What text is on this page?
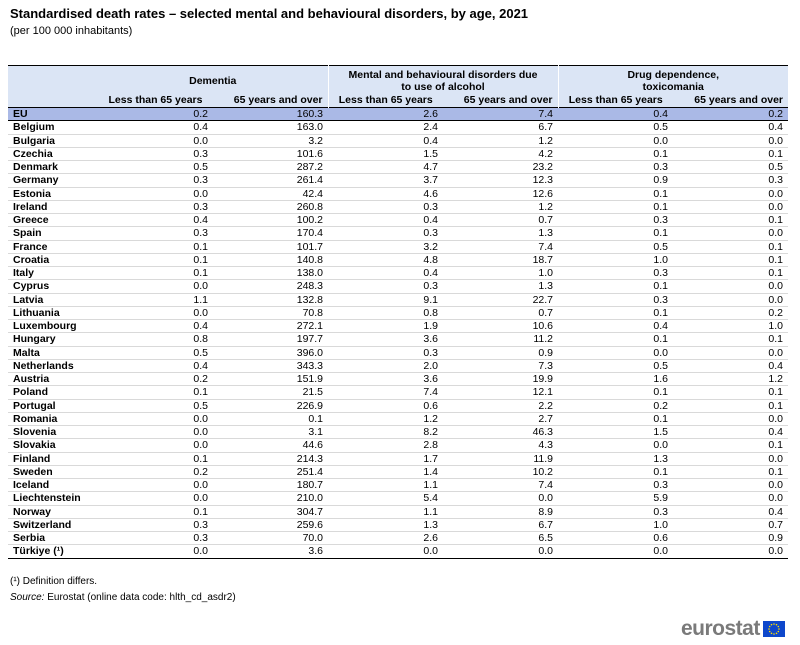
Standardised death rates – selected mental and behavioural disorders, by age, 2021
(per 100 000 inhabitants)
	Dementia		Mental and behavioural disorders due to use of alcohol		Drug dependence, toxicomania	
	Less than 65 years	65 years and over	Less than 65 years	65 years and over	Less than 65 years	65 years and over
EU	0.2	160.3	2.6	7.4	0.4	0.2
Belgium	0.4	163.0	2.4	6.7	0.5	0.4
Bulgaria	0.0	3.2	0.4	1.2	0.0	0.0
Czechia	0.3	101.6	1.5	4.2	0.1	0.1
Denmark	0.5	287.2	4.7	23.2	0.3	0.5
Germany	0.3	261.4	3.7	12.3	0.9	0.3
Estonia	0.0	42.4	4.6	12.6	0.1	0.0
Ireland	0.3	260.8	0.3	1.2	0.1	0.0
Greece	0.4	100.2	0.4	0.7	0.3	0.1
Spain	0.3	170.4	0.3	1.3	0.1	0.0
France	0.1	101.7	3.2	7.4	0.5	0.1
Croatia	0.1	140.8	4.8	18.7	1.0	0.1
Italy	0.1	138.0	0.4	1.0	0.3	0.1
Cyprus	0.0	248.3	0.3	1.3	0.1	0.0
Latvia	1.1	132.8	9.1	22.7	0.3	0.0
Lithuania	0.0	70.8	0.8	0.7	0.1	0.2
Luxembourg	0.4	272.1	1.9	10.6	0.4	1.0
Hungary	0.8	197.7	3.6	11.2	0.1	0.1
Malta	0.5	396.0	0.3	0.9	0.0	0.0
Netherlands	0.4	343.3	2.0	7.3	0.5	0.4
Austria	0.2	151.9	3.6	19.9	1.6	1.2
Poland	0.1	21.5	7.4	12.1	0.1	0.1
Portugal	0.5	226.9	0.6	2.2	0.2	0.1
Romania	0.0	0.1	1.2	2.7	0.1	0.0
Slovenia	0.0	3.1	8.2	46.3	1.5	0.4
Slovakia	0.0	44.6	2.8	4.3	0.0	0.1
Finland	0.1	214.3	1.7	11.9	1.3	0.0
Sweden	0.2	251.4	1.4	10.2	0.1	0.1
Iceland	0.0	180.7	1.1	7.4	0.3	0.0
Liechtenstein	0.0	210.0	5.4	0.0	5.9	0.0
Norway	0.1	304.7	1.1	8.9	0.3	0.4
Switzerland	0.3	259.6	1.3	6.7	1.0	0.7
Serbia	0.3	70.0	2.6	6.5	0.6	0.9
Türkiye (¹)	0.0	3.6	0.0	0.0	0.0	0.0
(¹) Definition differs.
Source: Eurostat (online data code: hlth_cd_asdr2)
eurostat
